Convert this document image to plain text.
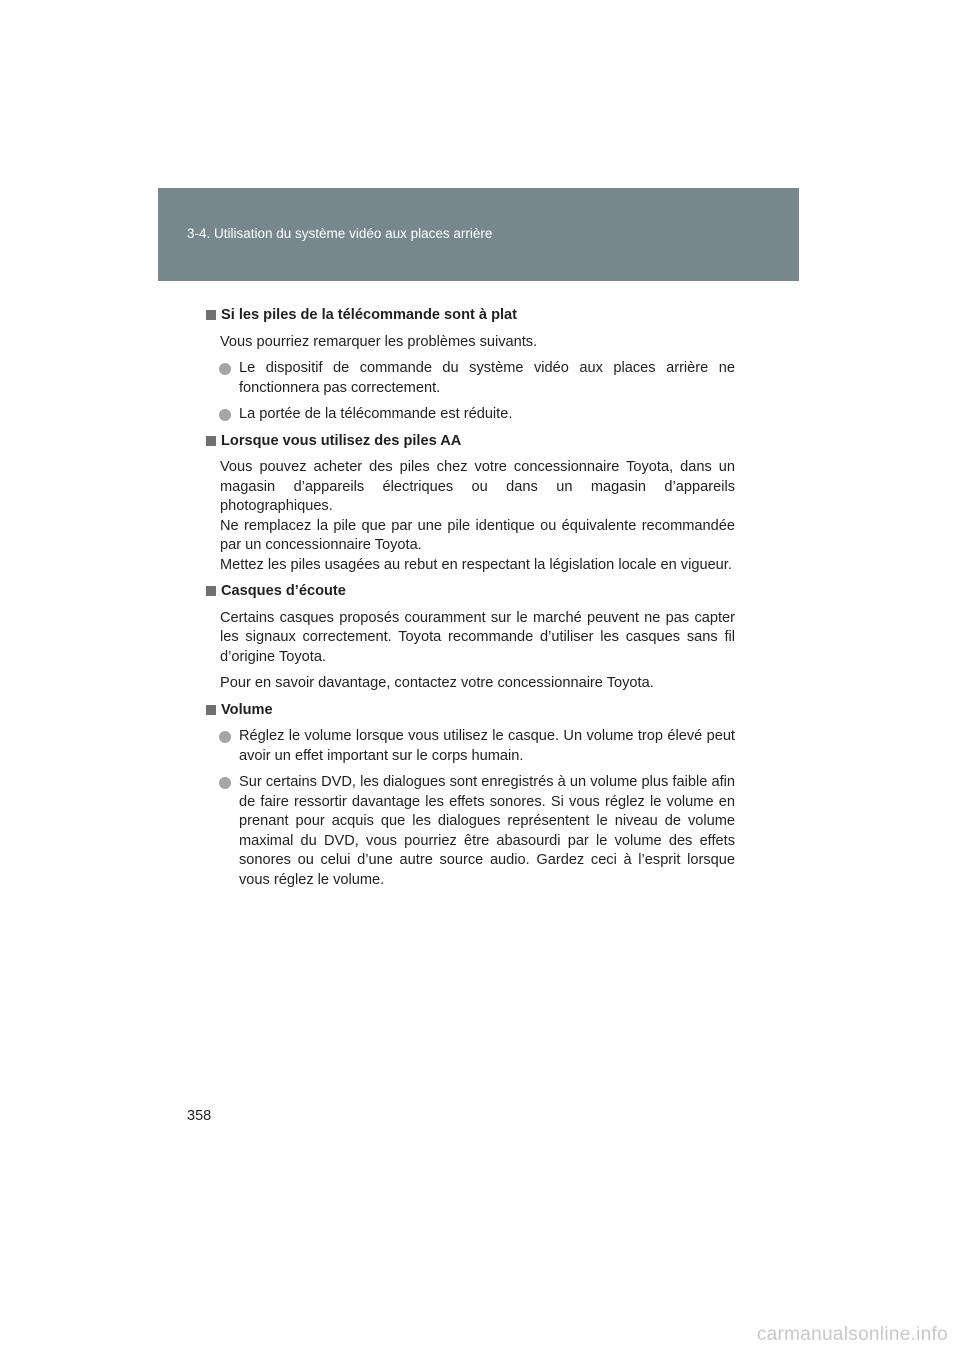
3-4. Utilisation du système vidéo aux places arrière
Si les piles de la télécommande sont à plat

Vous pourriez remarquer les problèmes suivants.

Le dispositif de commande du système vidéo aux places arrière ne fonctionnera pas correctement.
La portée de la télécommande est réduite.
Lorsque vous utilisez des piles AA
Vous pouvez acheter des piles chez votre concessionnaire Toyota, dans un magasin d’appareils électriques ou dans un magasin d’appareils photographiques.
Ne remplacez la pile que par une pile identique ou équivalente recommandée par un concessionnaire Toyota.
Mettez les piles usagées au rebut en respectant la législation locale en vigueur.
Casques d’écoute

Certains casques proposés couramment sur le marché peuvent ne pas capter les signaux correctement. Toyota recommande d’utiliser les casques sans fil d’origine Toyota.

Pour en savoir davantage, contactez votre concessionnaire Toyota.

Volume
Réglez le volume lorsque vous utilisez le casque. Un volume trop élevé peut avoir un effet important sur le corps humain.
Sur certains DVD, les dialogues sont enregistrés à un volume plus faible afin de faire ressortir davantage les effets sonores. Si vous réglez le volume en prenant pour acquis que les dialogues représentent le niveau de volume maximal du DVD, vous pourriez être abasourdi par le volume des effets sonores ou celui d’une autre source audio. Gardez ceci à l’esprit lorsque vous réglez le volume.
358
carmanualsonline.info
